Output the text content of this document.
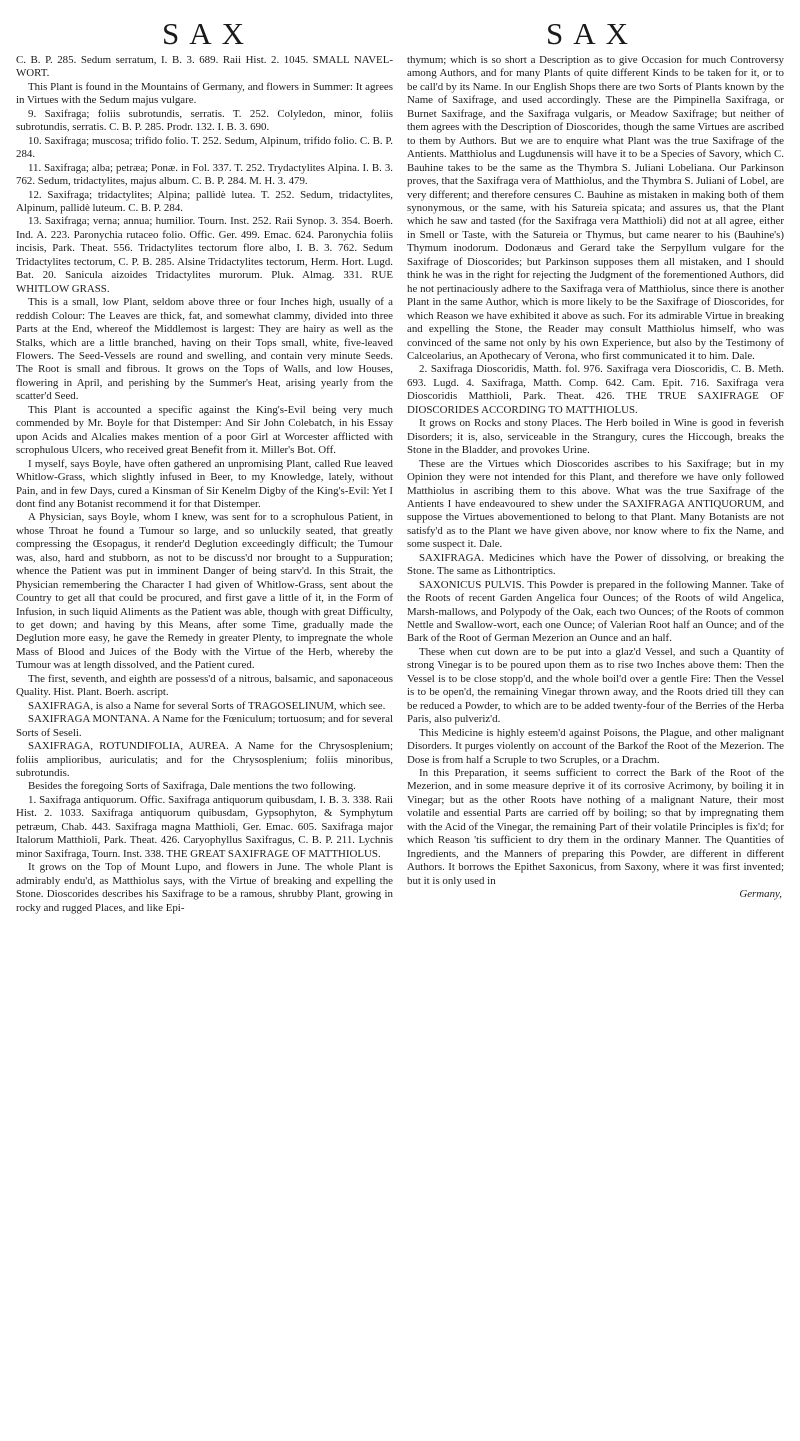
SAX	SAX

C. B. P. 285. Sedum serratum, I. B. 3. 689. Raii Hist. 2. 1045. SMALL NAVEL-WORT.

This Plant is found in the Mountains of Germany, and flowers in Summer: It agrees in Virtues with the Sedum majus vulgare.

9. Saxifraga; foliis subrotundis, serratis. T. 252. Colyledon, minor, foliis subrotundis, serratis. C. B. P. 285. Prodr. 132. I. B. 3. 690.

10. Saxifraga; muscosa; trifido folio. T. 252. Sedum, Alpinum, trifido folio. C. B. P. 284.

11. Saxifraga; alba; petræa; Ponæ. in Fol. 337. T. 252. Trydactylites Alpina. I. B. 3. 762. Sedum, tridactylites, majus album. C. B. P. 284. M. H. 3. 479.

12. Saxifraga; tridactylites; Alpina; pallidè lutea. T. 252. Sedum, tridactylites, Alpinum, pallidè luteum. C. B. P. 284.

13. Saxifraga; verna; annua; humilior. Tourn. Inst. 252. Raii Synop. 3. 354. Boerh. Ind. A. 223. Paronychia rutaceo folio. Offic. Ger. 499. Emac. 624. Paronychia foliis incisis, Park. Theat. 556. Tridactylites tectorum flore albo, I. B. 3. 762. Sedum Tridactylites tectorum, C. P. B. 285. Alsine Tridactylites tectorum, Herm. Hort. Lugd. Bat. 20. Sanicula aizoides Tridactylites murorum. Pluk. Almag. 331. RUE WHITLOW GRASS.

This is a small, low Plant, seldom above three or four Inches high, usually of a reddish Colour: The Leaves are thick, fat, and somewhat clammy, divided into three Parts at the End, whereof the Middlemost is largest: They are hairy as well as the Stalks, which are a little branched, having on their Tops small, white, five-leaved Flowers. The Seed-Vessels are round and swelling, and contain very minute Seeds. The Root is small and fibrous. It grows on the Tops of Walls, and low Houses, flowering in April, and perishing by the Summer's Heat, arising yearly from the scatter'd Seed.

This Plant is accounted a specific against the King's-Evil being very much commended by Mr. Boyle for that Distemper: And Sir John Colebatch, in his Essay upon Acids and Alcalies makes mention of a poor Girl at Worcester afflicted with scrophulous Ulcers, who received great Benefit from it. Miller's Bot. Off.

I myself, says Boyle, have often gathered an unpromising Plant, called Rue leaved Whitlow-Grass, which slightly infused in Beer, to my Knowledge, lately, without Pain, and in few Days, cured a Kinsman of Sir Kenelm Digby of the King's-Evil: Yet I dont find any Botanist recommend it for that Distemper.

A Physician, says Boyle, whom I knew, was sent for to a scrophulous Patient, in whose Throat he found a Tumour so large, and so unluckily seated, that greatly compressing the Œsopagus, it render'd Deglution exceedingly difficult; the Tumour was, also, hard and stubborn, as not to be discuss'd nor brought to a Suppuration; whence the Patient was put in imminent Danger of being starv'd. In this Strait, the Physician remembering the Character I had given of Whitlow-Grass, sent about the Country to get all that could be procured, and first gave a little of it, in the Form of Infusion, in such liquid Aliments as the Patient was able, though with great Difficulty, to get down; and having by this Means, after some Time, gradually made the Deglution more easy, he gave the Remedy in greater Plenty, to impregnate the whole Mass of Blood and Juices of the Body with the Virtue of the Herb, whereby the Tumour was at length dissolved, and the Patient cured.

The first, seventh, and eighth are possess'd of a nitrous, balsamic, and saponaceous Quality. Hist. Plant. Boerh. ascript.

SAXIFRAGA, is also a Name for several Sorts of TRAGOSELINUM, which see.

SAXIFRAGA MONTANA. A Name for the Fœniculum; tortuosum; and for several Sorts of Seseli.

SAXIFRAGA, ROTUNDIFOLIA, AUREA. A Name for the Chrysosplenium; foliis amplioribus, auriculatis; and for the Chrysosplenium; foliis minoribus, subrotundis.

Besides the foregoing Sorts of Saxifraga, Dale mentions the two following.

1. Saxifraga antiquorum. Offic. Saxifraga antiquorum quibusdam, I. B. 3. 338. Raii Hist. 2. 1033. Saxifraga antiquorum quibusdam, Gypsophyton, & Symphytum petræum, Chab. 443. Saxifraga magna Matthioli, Ger. Emac. 605. Saxifraga major Italorum Matthioli, Park. Theat. 426. Caryophyllus Saxifragus, C. B. P. 211. Lychnis minor Saxifraga, Tourn. Inst. 338. THE GREAT SAXIFRAGE OF MATTHIOLUS.

It grows on the Top of Mount Lupo, and flowers in June. The whole Plant is admirably endu'd, as Matthiolus says, with the Virtue of breaking and expelling the Stone. Dioscorides describes his Saxifrage to be a ramous, shrubby Plant, growing in rocky and rugged Places, and like Epi-

thymum; which is so short a Description as to give Occasion for much Controversy among Authors, and for many Plants of quite different Kinds to be taken for it, or to be call'd by its Name. In our English Shops there are two Sorts of Plants known by the Name of Saxifrage, and used accordingly. These are the Pimpinella Saxifraga, or Burnet Saxifrage, and the Saxifraga vulgaris, or Meadow Saxifrage; but neither of them agrees with the Description of Dioscorides, though the same Virtues are ascribed to them by Authors. But we are to enquire what Plant was the true Saxifrage of the Antients. Matthiolus and Lugdunensis will have it to be a Species of Savory, which C. Bauhine takes to be the same as the Thymbra S. Juliani Lobeliana. Our Parkinson proves, that the Saxifraga vera of Matthiolus, and the Thymbra S. Juliani of Lobel, are very different; and therefore censures C. Bauhine as mistaken in making both of them synonymous, or the same, with his Satureia spicata; and assures us, that the Plant which he saw and tasted (for the Saxifraga vera Matthioli) did not at all agree, either in Smell or Taste, with the Satureia or Thymus, but came nearer to his (Bauhine's) Thymum inodorum. Dodonæus and Gerard take the Serpyllum vulgare for the Saxifrage of Dioscorides; but Parkinson supposes them all mistaken, and I should think he was in the right for rejecting the Judgment of the forementioned Authors, did he not pertinaciously adhere to the Saxifraga vera of Matthiolus, since there is another Plant in the same Author, which is more likely to be the Saxifrage of Dioscorides, for which Reason we have exhibited it above as such. For its admirable Virtue in breaking and expelling the Stone, the Reader may consult Matthiolus himself, who was convinced of the same not only by his own Experience, but also by the Testimony of Calceolarius, an Apothecary of Verona, who first communicated it to him. Dale.

2. Saxifraga Dioscoridis, Matth. fol. 976. Saxifraga vera Dioscoridis, C. B. Meth. 693. Lugd. 4. Saxifraga, Matth. Comp. 642. Cam. Epit. 716. Saxifraga vera Dioscoridis Matthioli, Park. Theat. 426. THE TRUE SAXIFRAGE OF DIOSCORIDES ACCORDING TO MATTHIOLUS.

It grows on Rocks and stony Places. The Herb boiled in Wine is good in feverish Disorders; it is, also, serviceable in the Strangury, cures the Hiccough, breaks the Stone in the Bladder, and provokes Urine.

These are the Virtues which Dioscorides ascribes to his Saxifrage; but in my Opinion they were not intended for this Plant, and therefore we have only followed Matthiolus in ascribing them to this above. What was the true Saxifrage of the Antients I have endeavoured to shew under the SAXIFRAGA ANTIQUORUM, and suppose the Virtues abovementioned to belong to that Plant. Many Botanists are not satisfy'd as to the Plant we have given above, nor know where to fix the Name, and some suspect it. Dale.

SAXIFRAGA. Medicines which have the Power of dissolving, or breaking the Stone. The same as Lithontriptics.

SAXONICUS PULVIS. This Powder is prepared in the following Manner. Take of the Roots of recent Garden Angelica four Ounces; of the Roots of wild Angelica, Marsh-mallows, and Polypody of the Oak, each two Ounces; of the Roots of common Nettle and Swallow-wort, each one Ounce; of Valerian Root half an Ounce; and of the Bark of the Root of German Mezerion an Ounce and an half.

These when cut down are to be put into a glaz'd Vessel, and such a Quantity of strong Vinegar is to be poured upon them as to rise two Inches above them: Then the Vessel is to be close stopp'd, and the whole boil'd over a gentle Fire: Then the Vessel is to be open'd, the remaining Vinegar thrown away, and the Roots dried till they can be reduced a Powder, to which are to be added twenty-four of the Berries of the Herba Paris, also pulveriz'd.

This Medicine is highly esteem'd against Poisons, the Plague, and other malignant Disorders. It purges violently on account of the Barkof the Root of the Mezerion. The Dose is from half a Scruple to two Scruples, or a Drachm.

In this Preparation, it seems sufficient to correct the Bark of the Root of the Mezerion, and in some measure deprive it of its corrosive Acrimony, by boiling it in Vinegar; but as the other Roots have nothing of a malignant Nature, their most volatile and essential Parts are carried off by boiling; so that by impregnating them with the Acid of the Vinegar, the remaining Part of their volatile Principles is fix'd; for which Reason 'tis sufficient to dry them in the ordinary Manner. The Quantities of Ingredients, and the Manners of preparing this Powder, are different in different Authors. It borrows the Epithet Saxonicus, from Saxony, where it was first invented; but it is only used in

Germany,
